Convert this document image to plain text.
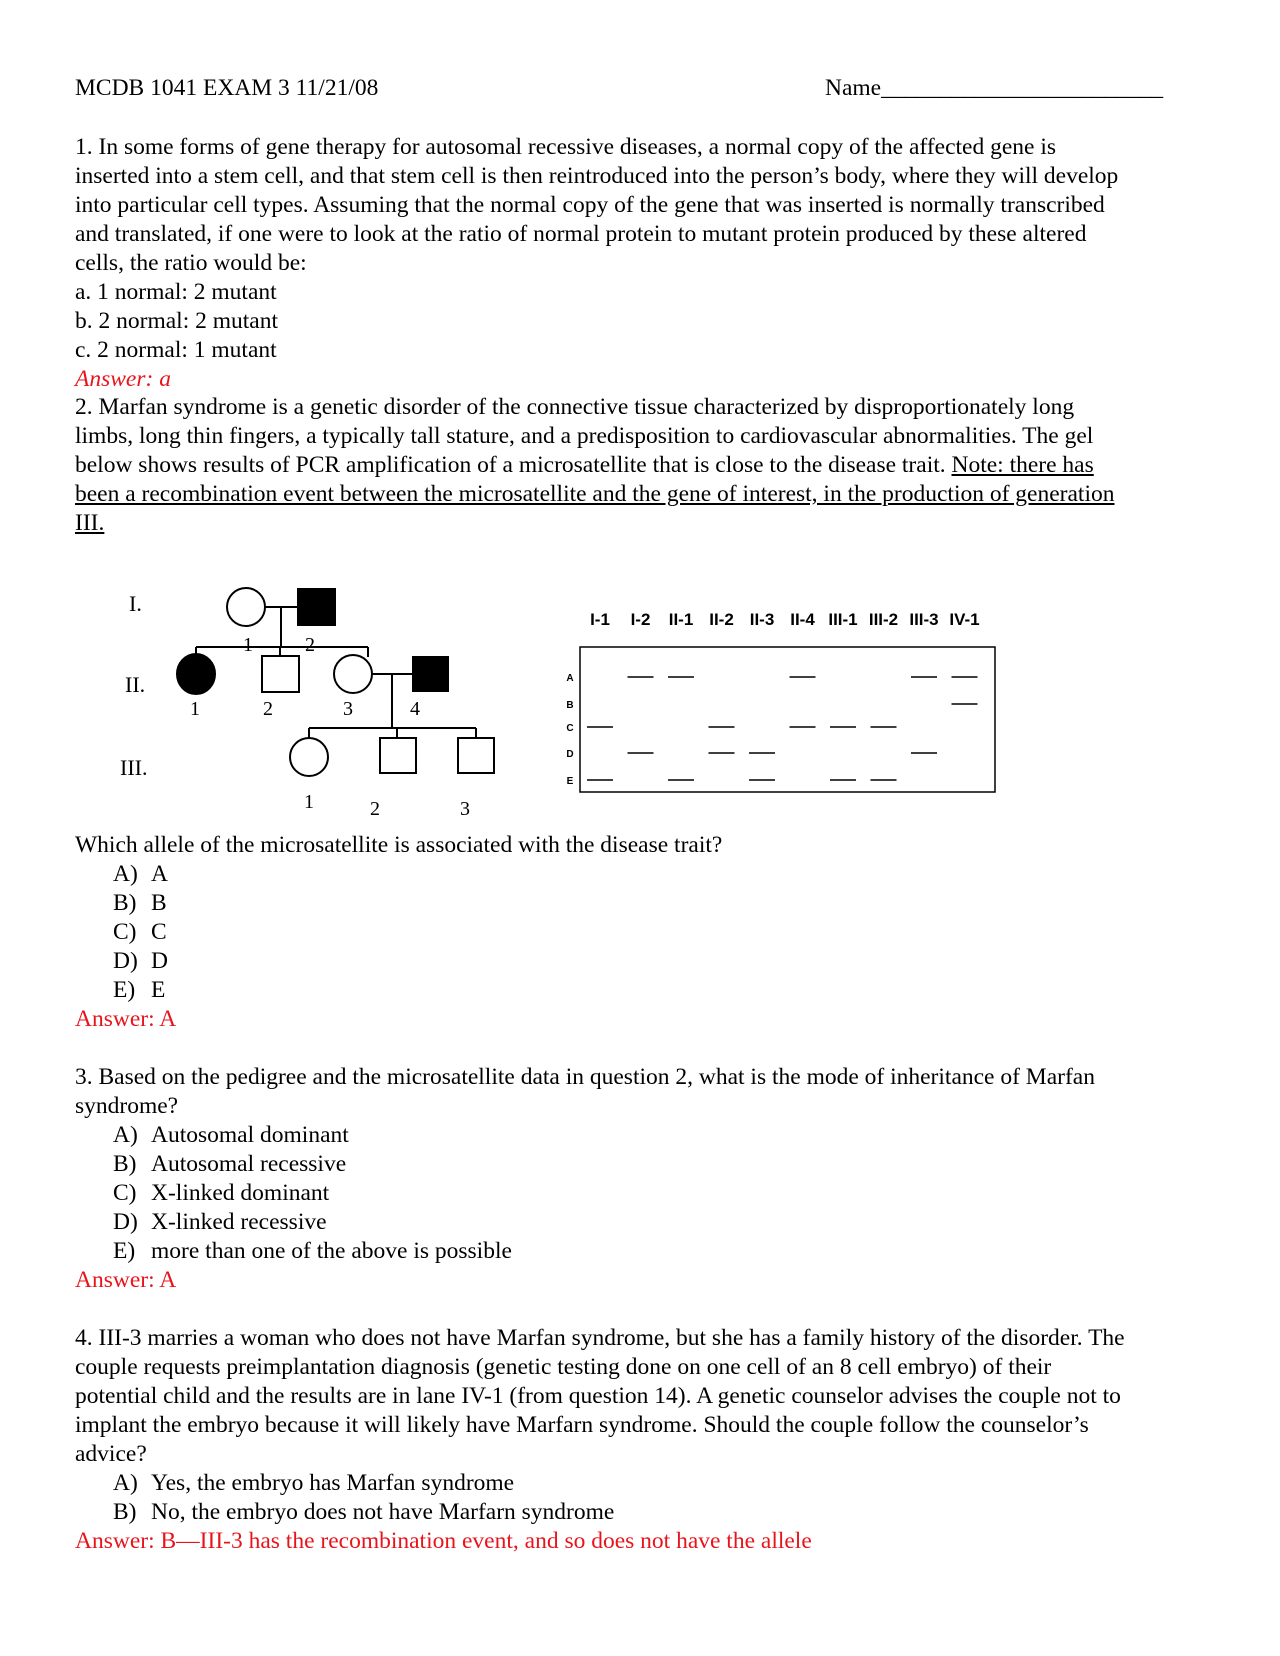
MCDB 1041 EXAM 3 11/21/08	Name________________________
1. In some forms of gene therapy for autosomal recessive diseases, a normal copy of the affected gene is
inserted into a stem cell, and that stem cell is then reintroduced into the person’s body, where they will develop
into particular cell types. Assuming that the normal copy of the gene that was inserted is normally transcribed
and translated, if one were to look at the ratio of normal protein to mutant protein produced by these altered
cells, the ratio would be:
a. 1 normal: 2 mutant
b. 2 normal: 2 mutant
c. 2 normal: 1 mutant
Answer: a
2. Marfan syndrome is a genetic disorder of the connective tissue characterized by disproportionately long
limbs, long thin fingers, a typically tall stature, and a predisposition to cardiovascular abnormalities. The gel
below shows results of PCR amplification of a microsatellite that is close to the disease trait. Note: there has
been a recombination event between the microsatellite and the gene of interest, in the production of generation
III.
I.
II.
III.
1	2
1	2	3	4
1	2	3
I-1 I-2 II-1 II-2 II-3 II-4 III-1 III-2 III-3 IV-1
A
B
C
D
E
Which allele of the microsatellite is associated with the disease trait?
A) A
B) B
C) C
D) D
E) E
Answer: A
3. Based on the pedigree and the microsatellite data in question 2, what is the mode of inheritance of Marfan
syndrome?
A) Autosomal dominant
B) Autosomal recessive
C) X-linked dominant
D) X-linked recessive
E) more than one of the above is possible
Answer: A
4. III-3 marries a woman who does not have Marfan syndrome, but she has a family history of the disorder. The
couple requests preimplantation diagnosis (genetic testing done on one cell of an 8 cell embryo) of their
potential child and the results are in lane IV-1 (from question 14). A genetic counselor advises the couple not to
implant the embryo because it will likely have Marfarn syndrome. Should the couple follow the counselor’s
advice?
A) Yes, the embryo has Marfan syndrome
B) No, the embryo does not have Marfarn syndrome
Answer: B—III-3 has the recombination event, and so does not have the allele
